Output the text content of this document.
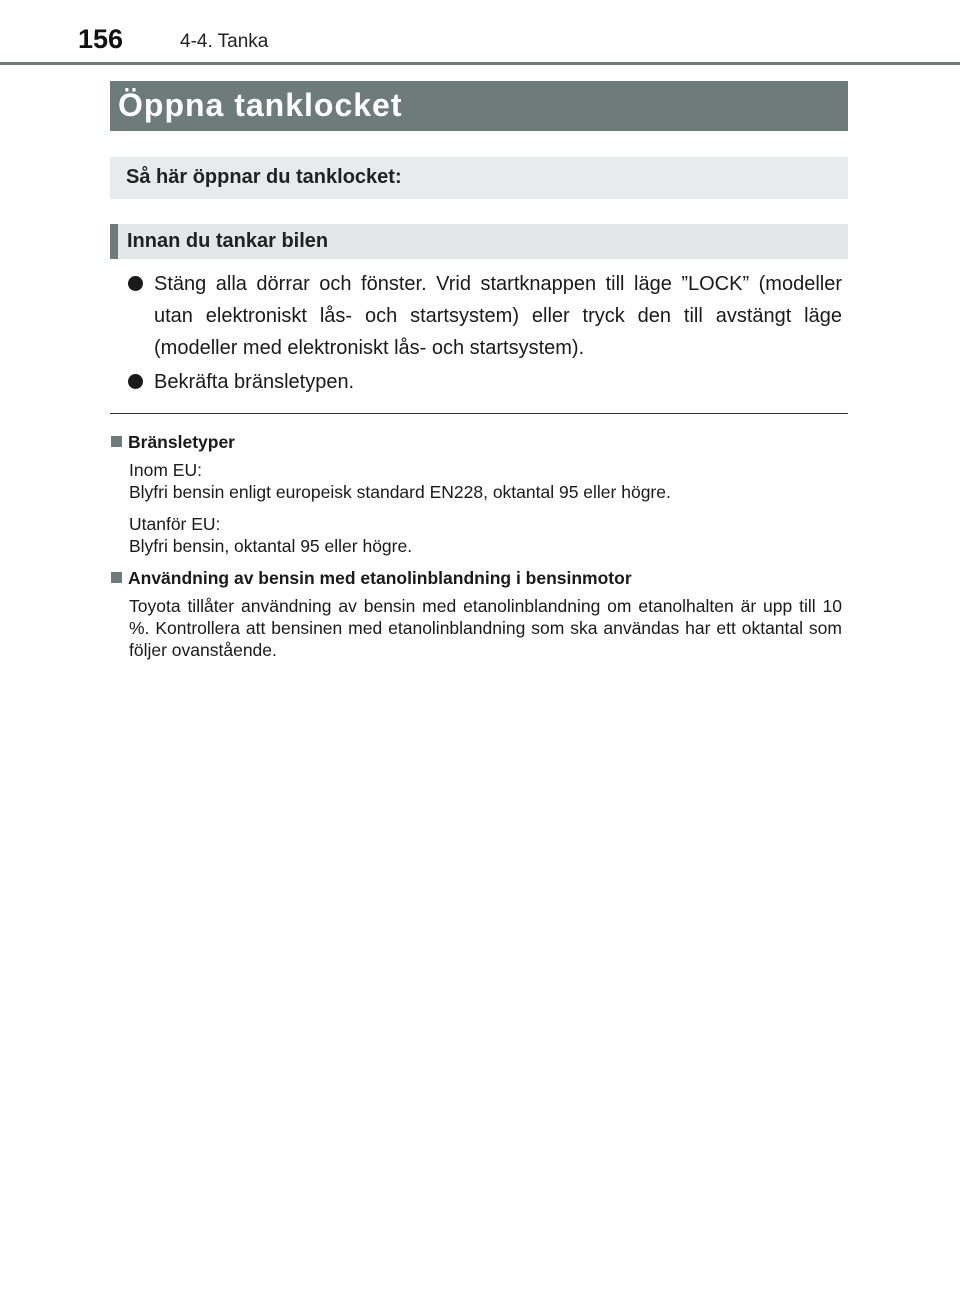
156	4-4. Tanka
Öppna tanklocket
Så här öppnar du tanklocket:
Innan du tankar bilen
Stäng alla dörrar och fönster. Vrid startknappen till läge ”LOCK” (modeller utan elektroniskt lås- och startsystem) eller tryck den till avstängt läge (modeller med elektroniskt lås- och startsystem).
Bekräfta bränsletypen.
Bränsletyper
Inom EU:
Blyfri bensin enligt europeisk standard EN228, oktantal 95 eller högre.
Utanför EU:
Blyfri bensin, oktantal 95 eller högre.
Användning av bensin med etanolinblandning i bensinmotor
Toyota tillåter användning av bensin med etanolinblandning om etanolhalten är upp till 10 %. Kontrollera att bensinen med etanolinblandning som ska användas har ett oktantal som följer ovanstående.
